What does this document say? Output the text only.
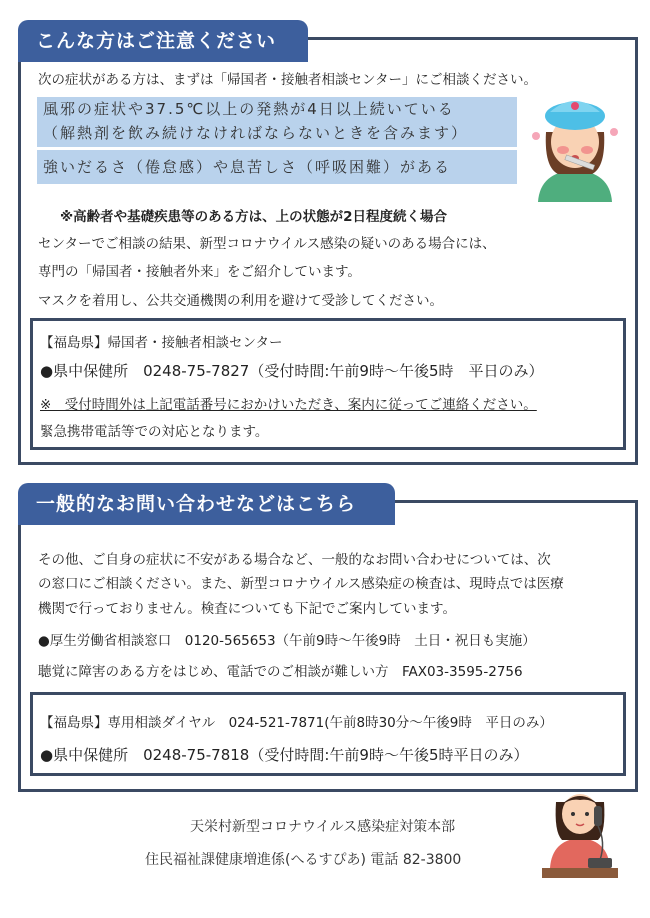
こんな方はご注意ください
次の症状がある方は、まずは「帰国者・接触者相談センター」にご相談ください。
風邪の症状や37.5℃以上の発熱が4日以上続いている
（解熱剤を飲み続けなければならないときを含みます）
強いだるさ（倦怠感）や息苦しさ（呼吸困難）がある
※高齢者や基礎疾患等のある方は、上の状態が2日程度続く場合
センターでご相談の結果、新型コロナウイルス感染の疑いのある場合には、
専門の「帰国者・接触者外来」をご紹介しています。
マスクを着用し、公共交通機関の利用を避けて受診してください。
【福島県】帰国者・接触者相談センター
●県中保健所　0248-75-7827（受付時間:午前9時～午後5時　平日のみ）
※　受付時間外は上記電話番号におかけいただき、案内に従ってご連絡ください。
緊急携帯電話等での対応となります。
一般的なお問い合わせなどはこちら
その他、ご自身の症状に不安がある場合など、一般的なお問い合わせについては、次
の窓口にご相談ください。また、新型コロナウイルス感染症の検査は、現時点では医療
機関で行っておりません。検査についても下記でご案内しています。
●厚生労働省相談窓口　0120-565653（午前9時～午後9時　土日・祝日も実施）
聴覚に障害のある方をはじめ、電話でのご相談が難しい方　FAX03-3595-2756
【福島県】専用相談ダイヤル　024-521-7871(午前8時30分～午後9時　平日のみ）
●県中保健所　0248-75-7818（受付時間:午前9時～午後5時平日のみ）
天栄村新型コロナウイルス感染症対策本部
住民福祉課健康増進係(へるすぴあ) 電話 82-3800
